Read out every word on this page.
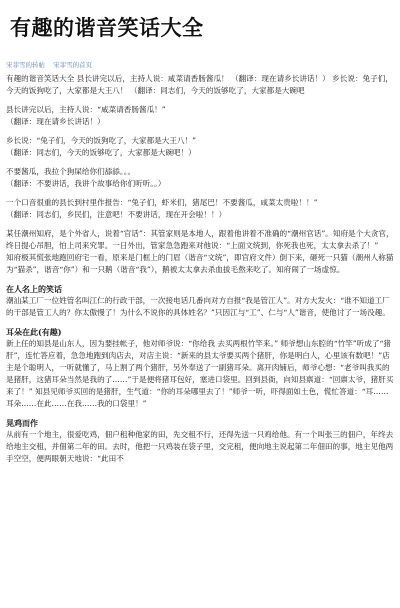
有趣的谐音笑话大全
宋菲雪的转帖 宋菲雪的首页

有趣的谐音笑话大全 县长讲完以后，主持人说：咸菜请香肠酱瓜！ （翻译：现在请乡长讲话！） 乡长说：兔子们，今天的饭狗吃了，大家都是大王八！ （翻译：同志们，今天的饭够吃了，大家都是大碗吧

县长讲完以后，主持人说：“咸菜请香肠酱瓜！”

（翻译：现在请乡长讲话！）

乡长说：“兔子们，今天的饭狗吃了，大家都是大王八！”

（翻译：同志们，今天的饭够吃了，大家都是大碗吧！）

不要酱瓜，我拉个狗屎给你们舔舔。。。

（翻译：不要讲话，我讲个故事给你们听听。。）

一个口音很重的县长到村里作报告：“兔子们，虾米们，猪尾巴！不要酱瓜，咸菜太贵啦！！”

（翻译：同志们，乡民们，注意吧！不要讲话，现在开会啦！！）

某任潮州知府，是个外省人，说着“官话”：其管家则是本地人，跟着他讲着不准确的“潮州官话”。知府是个大贪官，终日提心吊胆，怕上司来究罪。一日外出，管家急急跑来对他说：“上面文统到，你死我也死，太太拿去杀了！”

知府极其慌张地跑回府宅一看，原来是门框上的门眉（谐音“文统”，即官府文件）倒下来，砸死一只猫（潮州人称猫为“猫杀”，谐音“你”）和一只鹅（谐音“我”），鹅被太太拿去杀血拔毛熬来吃了。知府闹了一场虚惊。

在人名上的笑话

潮汕某工厂一位姓管名叫江仁的行政干部，一次接电话几番向对方自报“我是管江人”。对方大发火：“谁不知道工厂的干部是管工人的？你太傲慢了！为什么不说你的具体姓名？”只因江与“工”、仁与“人”谐音，使他讨了一场没趣。

耳朵在此(有趣)

新上任的知县是山东人，因为要挂帐子，他对师爷说：“你给我 去买两根竹竿来。” 师爷想山东腔的“竹竿”听成了“猪肝”，连忙答应着，急急地跑到肉店去，对店主说：“新来的县太爷要买两个猪肝，你是明白人，心里该有数吧！”店主是个聪明人，一听就懂了，马上割了两个猪肝，另外奉送了一副猪耳朵。离开肉铺后，师爷心想：“老爷叫我买的是猪肝，这猪耳朵当然是我的了……”于是便将猪耳包好，塞进口袋里。回到县衙，向知县禀道：“回禀太爷，猪肝买来了！” 知县见师爷买回的是猪肝，生气道：“你的耳朵哪里去了！”师爷一听，吓得面如土色，慌忙答道：“耳……耳朵……在此……在我……我的口袋里！”

晃鸡而作

从前有一个地主，很爱吃鸡，佃户租种他家的田，先交租不行，还得先送一只鸡给他。有一个叫张三的佃户，年终去给地主交租，并佃第二年的田。去时，他把一只鸡装在袋子里，交完租，便向地主说起第二年佃田的事，地主见他两手空空，便两眼朝天地说：“此田不
